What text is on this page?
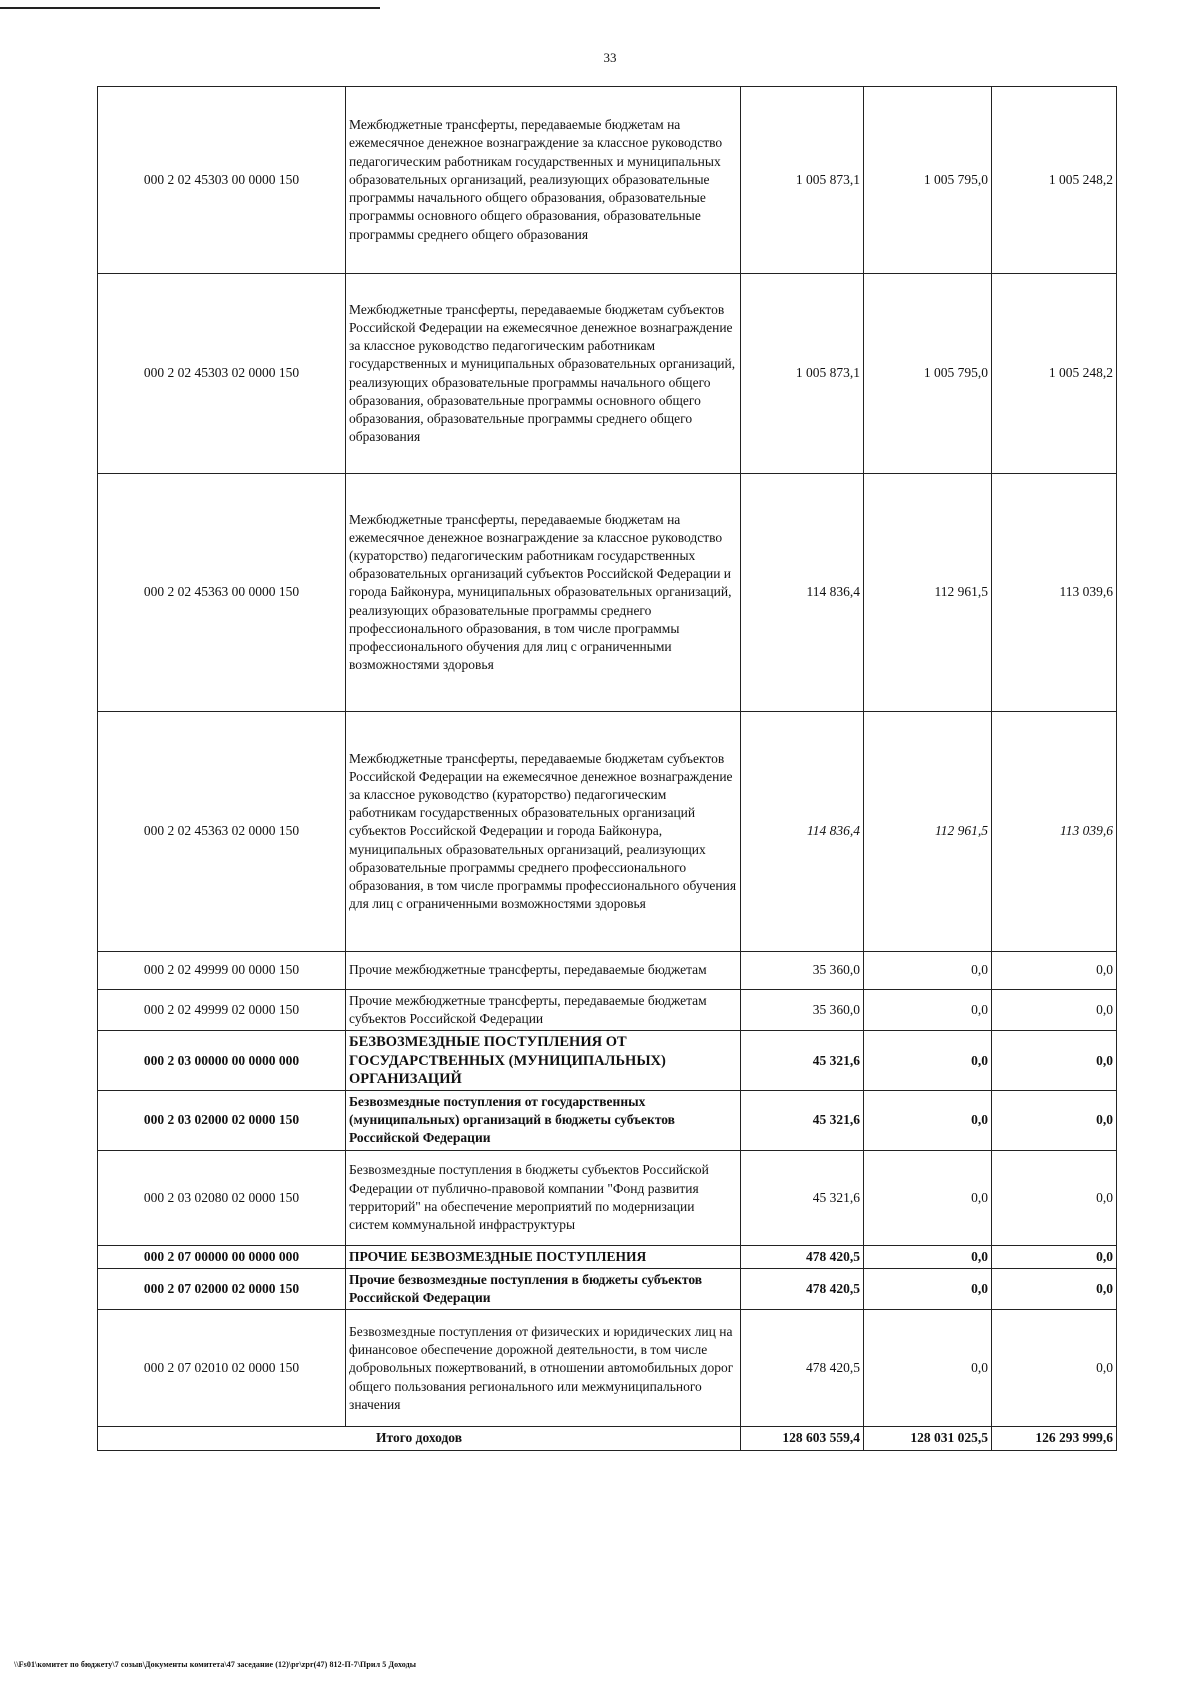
33
000 2 02 45303 00 0000 150	Межбюджетные трансферты, передаваемые бюджетам на ежемесячное денежное вознаграждение за классное руководство педагогическим работникам государственных и муниципальных образовательных организаций, реализующих образовательные программы начального общего образования, образовательные программы основного общего образования, образовательные программы среднего общего образования	1 005 873,1	1 005 795,0	1 005 248,2
000 2 02 45303 02 0000 150	Межбюджетные трансферты, передаваемые бюджетам субъектов Российской Федерации на ежемесячное денежное вознаграждение за классное руководство педагогическим работникам государственных и муниципальных образовательных организаций, реализующих образовательные программы начального общего образования, образовательные программы основного общего образования, образовательные программы среднего общего образования	1 005 873,1	1 005 795,0	1 005 248,2
000 2 02 45363 00 0000 150	Межбюджетные трансферты, передаваемые бюджетам на ежемесячное денежное вознаграждение за классное руководство (кураторство) педагогическим работникам государственных образовательных организаций субъектов Российской Федерации и города Байконура, муниципальных образовательных организаций, реализующих образовательные программы среднего профессионального образования, в том числе программы профессионального обучения для лиц с ограниченными возможностями здоровья	114 836,4	112 961,5	113 039,6
000 2 02 45363 02 0000 150	Межбюджетные трансферты, передаваемые бюджетам субъектов Российской Федерации на ежемесячное денежное вознаграждение за классное руководство (кураторство) педагогическим работникам государственных образовательных организаций субъектов Российской Федерации и города Байконура, муниципальных образовательных организаций, реализующих образовательные программы среднего профессионального образования, в том числе программы профессионального обучения для лиц с ограниченными возможностями здоровья	114 836,4	112 961,5	113 039,6
000 2 02 49999 00 0000 150	Прочие межбюджетные трансферты, передаваемые бюджетам	35 360,0	0,0	0,0
000 2 02 49999 02 0000 150	Прочие межбюджетные трансферты, передаваемые бюджетам субъектов Российской Федерации	35 360,0	0,0	0,0
000 2 03 00000 00 0000 000	БЕЗВОЗМЕЗДНЫЕ ПОСТУПЛЕНИЯ ОТ ГОСУДАРСТВЕННЫХ (МУНИЦИПАЛЬНЫХ) ОРГАНИЗАЦИЙ	45 321,6	0,0	0,0
000 2 03 02000 02 0000 150	Безвозмездные поступления от государственных (муниципальных) организаций в бюджеты субъектов Российской Федерации	45 321,6	0,0	0,0
000 2 03 02080 02 0000 150	Безвозмездные поступления в бюджеты субъектов Российской Федерации от публично-правовой компании "Фонд развития территорий" на обеспечение мероприятий по модернизации систем коммунальной инфраструктуры	45 321,6	0,0	0,0
000 2 07 00000 00 0000 000	ПРОЧИЕ БЕЗВОЗМЕЗДНЫЕ ПОСТУПЛЕНИЯ	478 420,5	0,0	0,0
000 2 07 02000 02 0000 150	Прочие безвозмездные поступления в бюджеты субъектов Российской Федерации	478 420,5	0,0	0,0
000 2 07 02010 02 0000 150	Безвозмездные поступления от физических и юридических лиц на финансовое обеспечение дорожной деятельности, в том числе добровольных пожертвований, в отношении автомобильных дорог общего пользования регионального или межмуниципального значения	478 420,5	0,0	0,0
Итого доходов		128 603 559,4	128 031 025,5	126 293 999,6
\\Fs01\комитет по бюджету\7 созыв\Документы комитета\47 заседание (12)\pr\zpr(47) 812-П-7\Прил 5 Доходы
